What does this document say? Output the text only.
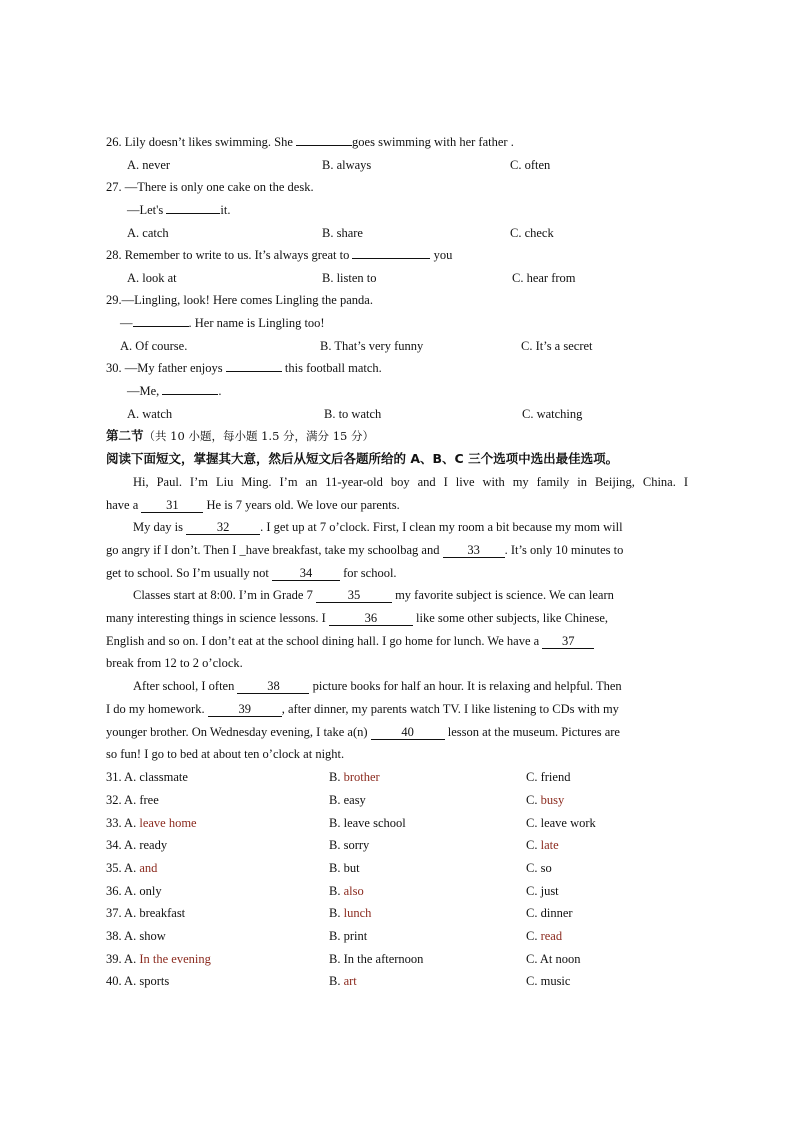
26. Lily doesn’t likes swimming. She	goes swimming with her father .
A. never	B. always	C. often
27. —There is only one cake on the desk.
—Let's	it.
A. catch	B. share	C. check
28. Remember to write to us. It’s always great to	you
A. look at	B. listen to	C. hear from
29.—Lingling, look! Here comes Lingling the panda.
—	. Her name is Lingling too!
A. Of course.	B. That’s very funny	C. It’s a secret
30. —My father enjoys	this football match.
—Me,	.
A. watch	B. to watch	C. watching
第二节（共 10 小题，每小题 1.5 分，满分 15 分）
阅读下面短文，掌握其大意，然后从短文后各题所给的 A、B、C 三个选项中选出最佳选项。
Hi, Paul. I’m Liu Ming. I’m an 11-year-old boy and I live with my family in Beijing, China. I
have a 31 He is 7 years old. We love our parents.
My day is 32 . I get up at 7 o’clock. First, I clean my room a bit because my mom will
go angry if I don’t. Then I _have breakfast, take my schoolbag and 33 . It’s only 10 minutes to
get to school. So I’m usually not 34 for school.
Classes start at 8:00. I’m in Grade 7	35	my favorite subject is science. We can learn
many interesting things in science lessons. I	36	like some other subjects, like Chinese,
English and so on. I don’t eat at the school dining hall. I go home for lunch. We have a 37
break from 12 to 2 o’clock.
After school, I often 38 picture books for half an hour. It is relaxing and helpful. Then
I do my homework. 39 , after dinner, my parents watch TV. I like listening to CDs with my
younger brother. On Wednesday evening, I take a(n) 40 lesson at the museum. Pictures are
so fun! I go to bed at about ten o’clock at night.
31. A. classmate	B. brother	C. friend
32. A. free	B. easy	C. busy
33. A. leave home	B. leave school	C. leave work
34. A. ready	B. sorry	C. late
35. A. and	B. but	C. so
36. A. only	B. also	C. just
37. A. breakfast	B. lunch	C. dinner
38. A. show	B. print	C. read
39. A. In the evening	B. In the afternoon	C. At noon
40. A. sports	B. art	C. music
